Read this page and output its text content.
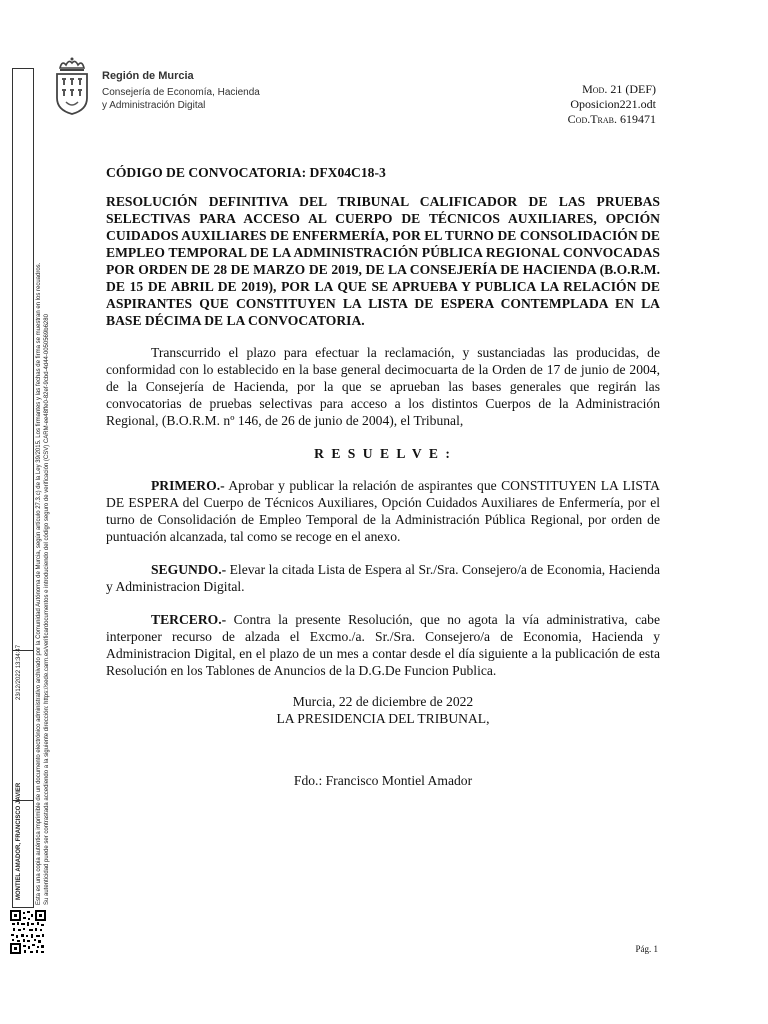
MONTIEL AMADOR, FRANCISCO JAVIER
23/12/2022 13:34:47 Esta es una copia auténtica imprimible de un documento electrónico administrativo archivado por la Comunidad Autónoma de Murcia, según artículo 27.3.c) de la Ley 39/2015. Los firmantes y las fechas de firma se muestran en los recuadros. Su autenticidad puede ser contrastada accediendo a la siguiente dirección: https://sede.carm.es/verificardocumentos e introduciendo del código seguro de verificación (CSV) CARM-ee48ffe0-82ef-9cbd-4d44-0050569b6280
Región de Murcia
Consejería de Economía, Hacienda
y Administración Digital
Mod. 21 (DEF)
Oposicion221.odt
Cod.Trab. 619471

CÓDIGO DE CONVOCATORIA: DFX04C18-3

RESOLUCIÓN DEFINITIVA DEL TRIBUNAL CALIFICADOR DE LAS PRUEBAS SELECTIVAS PARA ACCESO AL CUERPO DE TÉCNICOS AUXILIARES, OPCIÓN CUIDADOS AUXILIARES DE ENFERMERÍA, POR EL TURNO DE CONSOLIDACIÓN DE EMPLEO TEMPORAL DE LA ADMINISTRACIÓN PÚBLICA REGIONAL CONVOCADAS POR ORDEN DE 28 DE MARZO DE 2019, DE LA CONSEJERÍA DE HACIENDA (B.O.R.M. DE 15 DE ABRIL DE 2019), POR LA QUE SE APRUEBA Y PUBLICA LA RELACIÓN DE ASPIRANTES QUE CONSTITUYEN LA LISTA DE ESPERA CONTEMPLADA EN LA BASE DÉCIMA DE LA CONVOCATORIA.

Transcurrido el plazo para efectuar la reclamación, y sustanciadas las producidas, de conformidad con lo establecido en la base general decimocuarta de la Orden de 17 de junio de 2004, de la Consejería de Hacienda, por la que se aprueban las bases generales que regirán las convocatorias de pruebas selectivas para acceso a los distintos Cuerpos de la Administración Regional, (B.O.R.M. nº 146, de 26 de junio de 2004), el Tribunal,

R E S U E L V E :

PRIMERO.- Aprobar y publicar la relación de aspirantes que CONSTITUYEN LA LISTA DE ESPERA del Cuerpo de Técnicos Auxiliares, Opción Cuidados Auxiliares de Enfermería, por el turno de Consolidación de Empleo Temporal de la Administración Pública Regional, por orden de puntuación alcanzada, tal como se recoge en el anexo.

SEGUNDO.- Elevar la citada Lista de Espera al Sr./Sra. Consejero/a de Economia, Hacienda y Administracion Digital.

TERCERO.- Contra la presente Resolución, que no agota la vía administrativa, cabe interponer recurso de alzada el Excmo./a. Sr./Sra. Consejero/a de Economia, Hacienda y Administracion Digital, en el plazo de un mes a contar desde el día siguiente a la publicación de esta Resolución en los Tablones de Anuncios de la D.G.De Funcion Publica.

Murcia, 22 de diciembre de 2022

LA PRESIDENCIA DEL TRIBUNAL,

Fdo.: Francisco Montiel Amador

Pág. 1
